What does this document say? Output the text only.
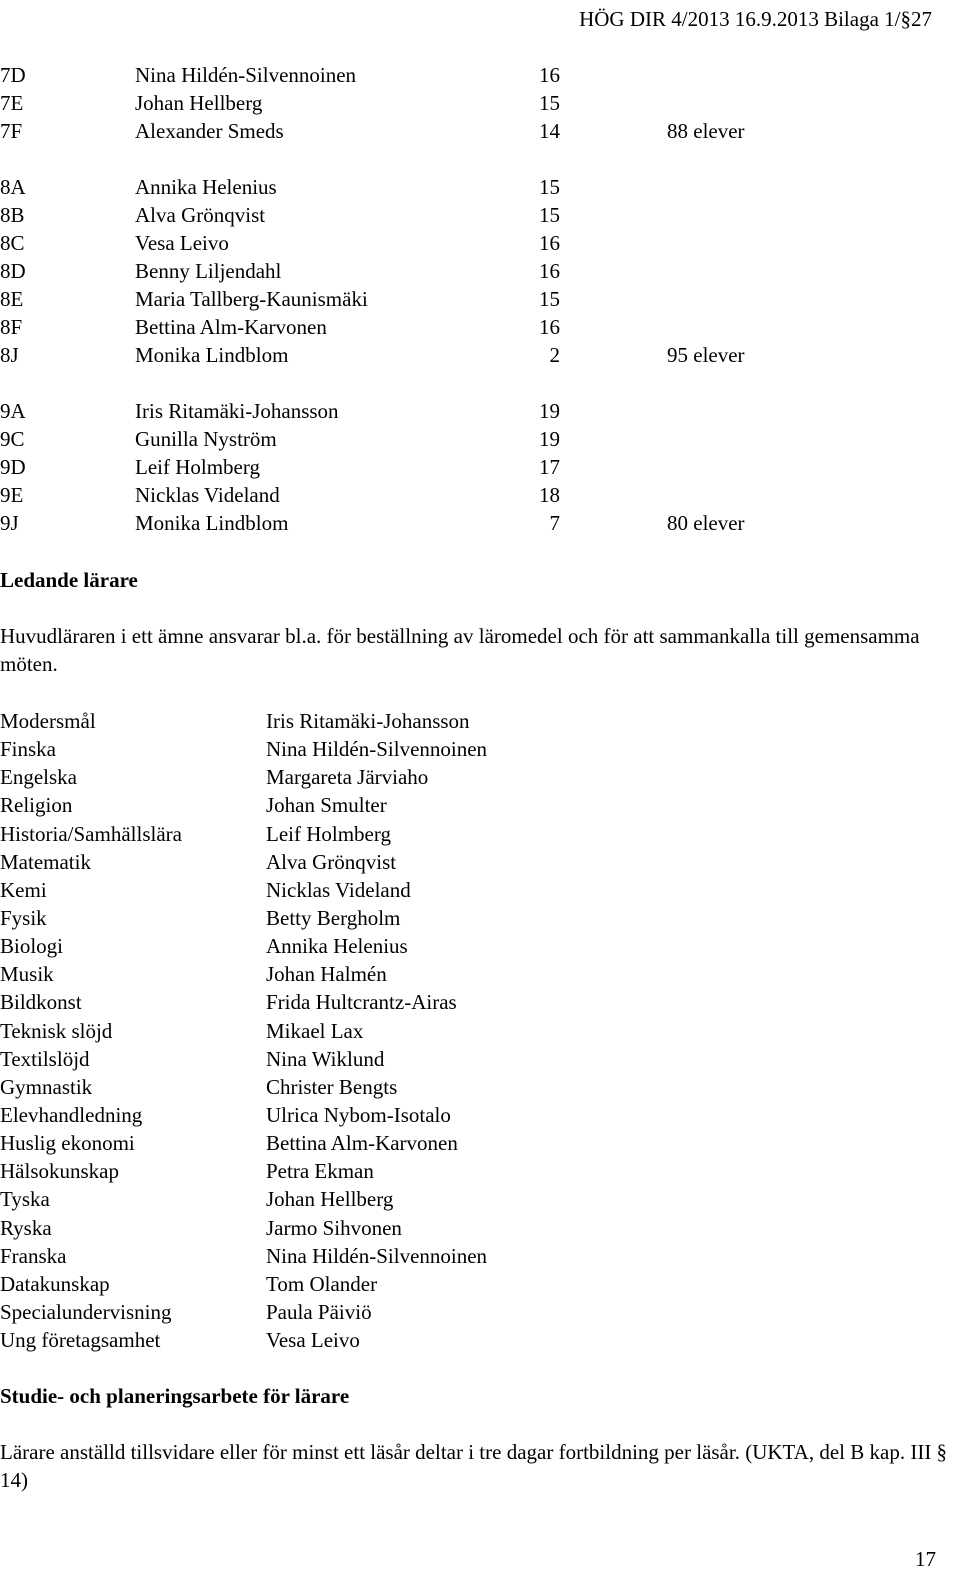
HÖG DIR 4/2013 16.9.2013 Bilaga 1/§27
7D	Nina Hildén-Silvennoinen	16
7E	Johan Hellberg	15
7F	Alexander Smeds	14	88 elever
8A	Annika Helenius	15
8B	Alva Grönqvist	15
8C	Vesa Leivo	16
8D	Benny Liljendahl	16
8E	Maria Tallberg-Kaunismäki	15
8F	Bettina Alm-Karvonen	16
8J	Monika Lindblom	2	95 elever
9A	Iris Ritamäki-Johansson	19
9C	Gunilla Nyström	19
9D	Leif Holmberg	17
9E	Nicklas Videland	18
9J	Monika Lindblom	7	80 elever
Ledande lärare
Huvudläraren i ett ämne ansvarar bl.a. för beställning av läromedel och för att sammankalla till gemensamma möten.
Modersmål	Iris Ritamäki-Johansson
Finska	Nina Hildén-Silvennoinen
Engelska	Margareta Järviaho
Religion	Johan Smulter
Historia/Samhällslära	Leif Holmberg
Matematik	Alva Grönqvist
Kemi	Nicklas Videland
Fysik	Betty Bergholm
Biologi	Annika Helenius
Musik	Johan Halmén
Bildkonst	Frida Hultcrantz-Airas
Teknisk slöjd	Mikael Lax
Textilslöjd	Nina Wiklund
Gymnastik	Christer Bengts
Elevhandledning	Ulrica Nybom-Isotalo
Huslig ekonomi	Bettina Alm-Karvonen
Hälsokunskap	Petra Ekman
Tyska	Johan Hellberg
Ryska	Jarmo Sihvonen
Franska	Nina Hildén-Silvennoinen
Datakunskap	Tom Olander
Specialundervisning	Paula Päiviö
Ung företagsamhet	Vesa Leivo
Studie- och planeringsarbete för lärare
Lärare anställd tillsvidare eller för minst ett läsår deltar i tre dagar fortbildning per läsår. (UKTA, del B kap. III § 14)
17
